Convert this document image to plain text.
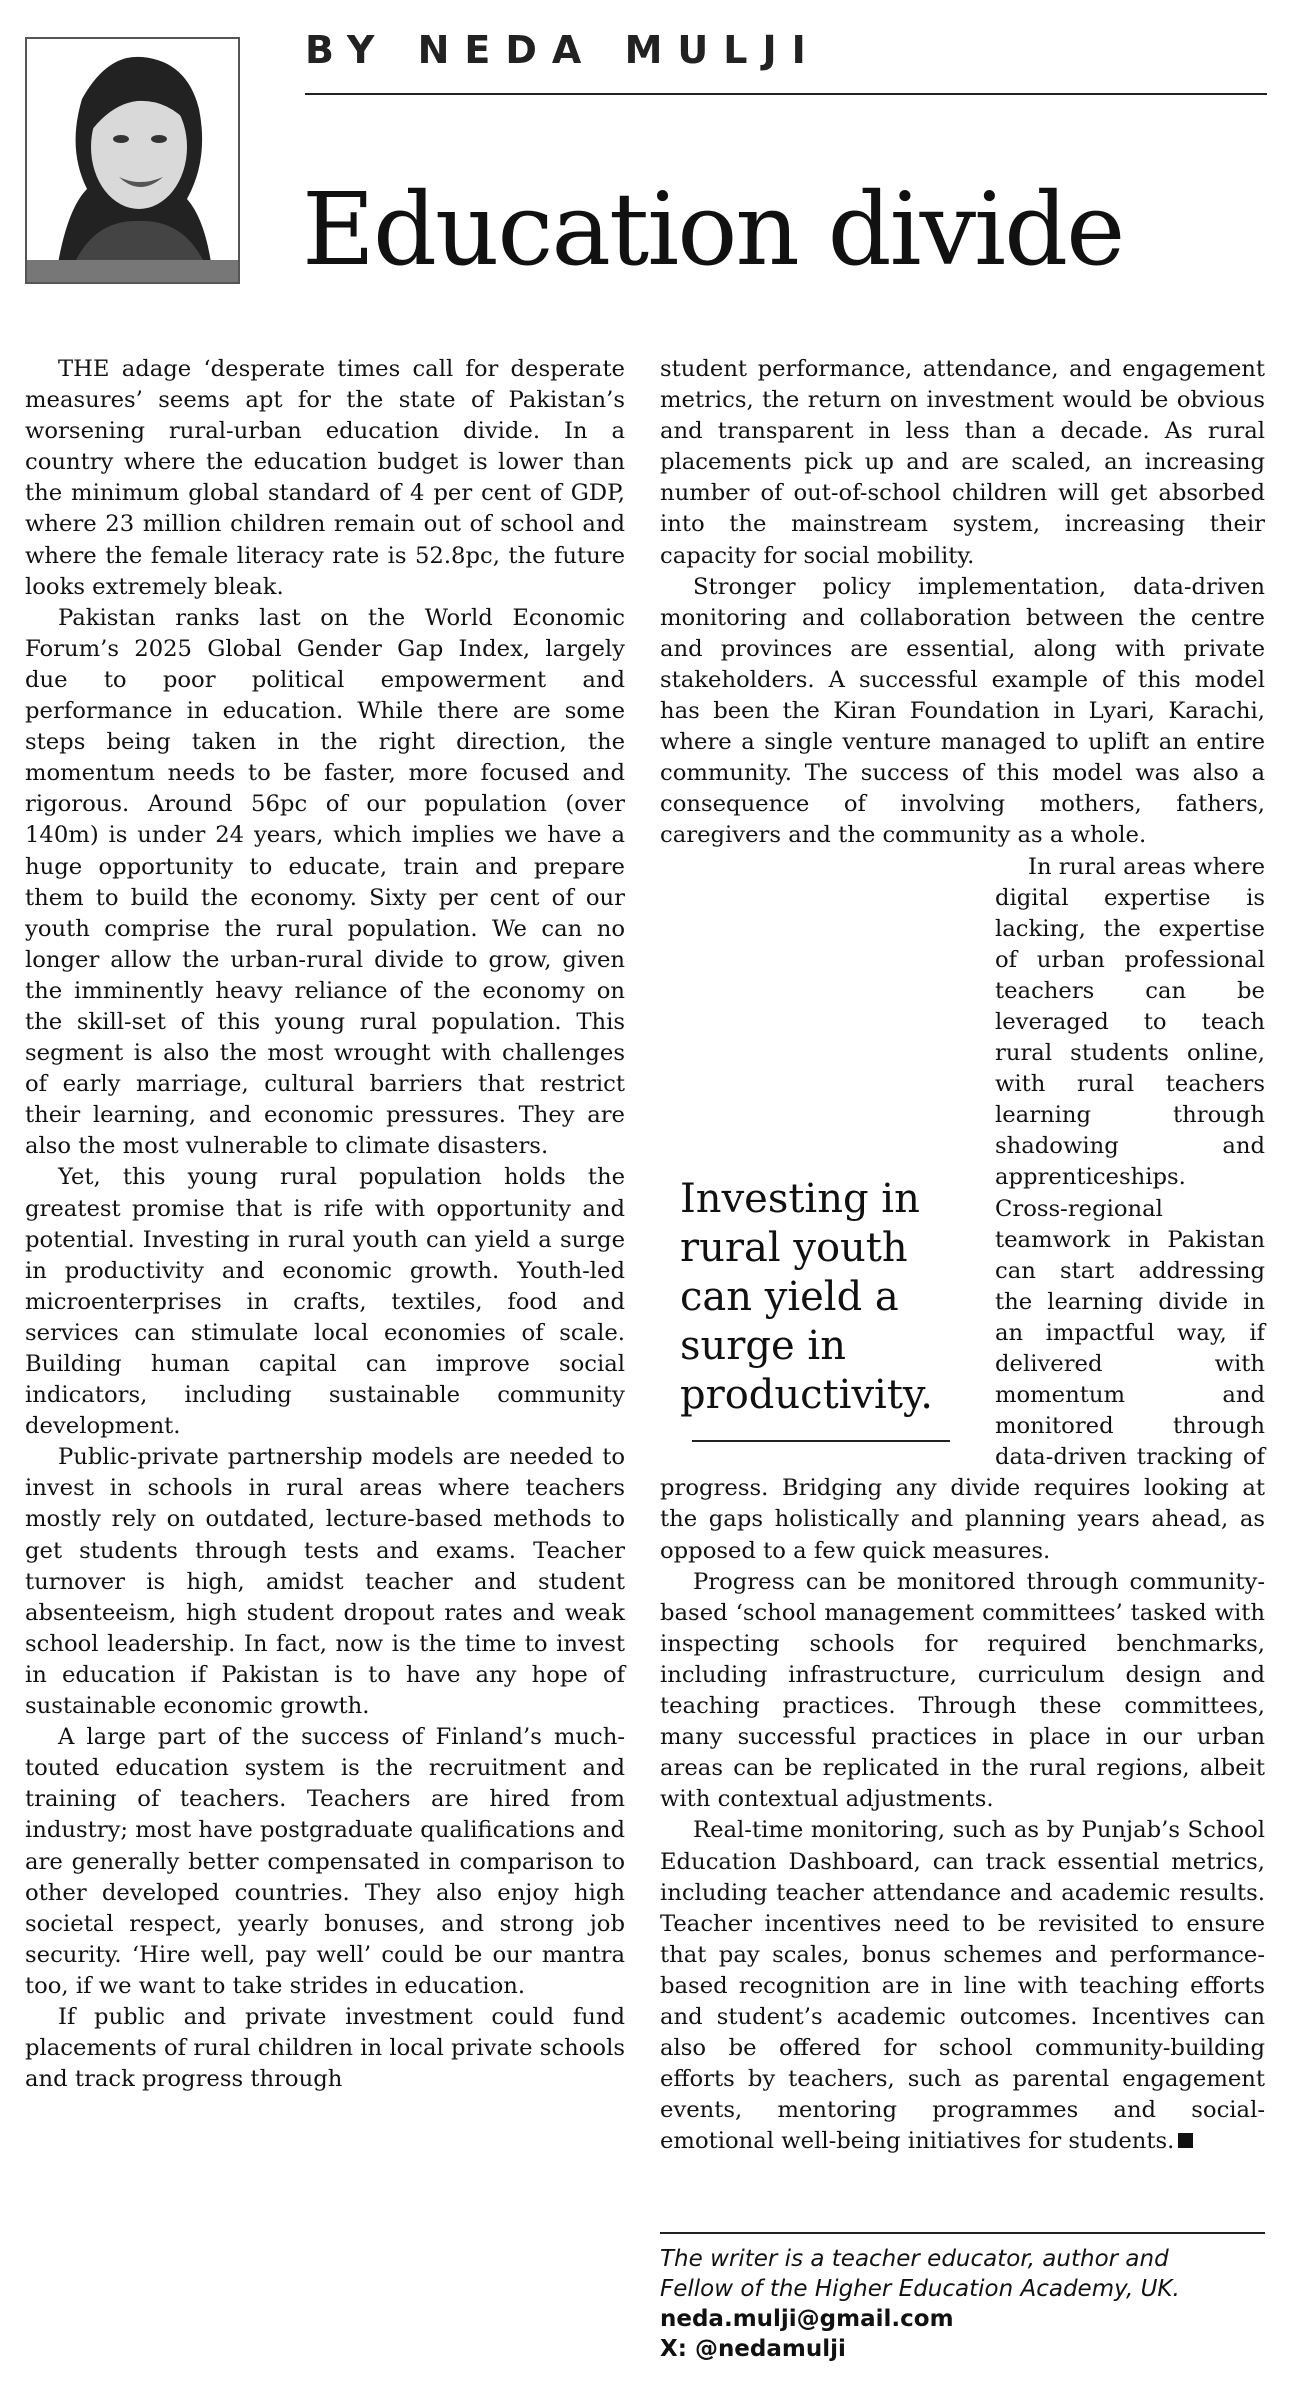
BY NEDA MULJI
Education divide

THE adage ‘desperate times call for desperate measures’ seems apt for the state of Pakistan’s worsening rural-urban education divide. In a country where the education budget is lower than the minimum global standard of 4 per cent of GDP, where 23 million children remain out of school and where the female literacy rate is 52.8pc, the future looks extremely bleak.

Pakistan ranks last on the World Economic Forum’s 2025 Global Gender Gap Index, largely due to poor political empowerment and performance in education. While there are some steps being taken in the right direction, the momentum needs to be faster, more focused and rigorous. Around 56pc of our population (over 140m) is under 24 years, which implies we have a huge opportunity to educate, train and prepare them to build the economy. Sixty per cent of our youth comprise the rural population. We can no longer allow the urban-rural divide to grow, given the imminently heavy reliance of the economy on the skill-set of this young rural population. This segment is also the most wrought with challenges of early marriage, cultural barriers that restrict their learning, and economic pressures. They are also the most vulnerable to climate disasters.

Yet, this young rural population holds the greatest promise that is rife with opportunity and potential. Investing in rural youth can yield a surge in productivity and economic growth. Youth-led microenterprises in crafts, textiles, food and services can stimulate local economies of scale. Building human capital can improve social indicators, including sustainable community development.

Public-private partnership models are needed to invest in schools in rural areas where teachers mostly rely on outdated, lecture-based methods to get students through tests and exams. Teacher turnover is high, amidst teacher and student absenteeism, high student dropout rates and weak school leadership. In fact, now is the time to invest in education if Pakistan is to have any hope of sustainable economic growth.

A large part of the success of Finland’s much-touted education system is the recruitment and training of teachers. Teachers are hired from industry; most have postgraduate qualifications and are generally better compensated in comparison to other developed countries. They also enjoy high societal respect, yearly bonuses, and strong job security. ‘Hire well, pay well’ could be our mantra too, if we want to take strides in education.

If public and private investment could fund placements of rural children in local private schools and track progress through

student performance, attendance, and engagement metrics, the return on investment would be obvious and transparent in less than a decade. As rural placements pick up and are scaled, an increasing number of out-of-school children will get absorbed into the mainstream system, increasing their capacity for social mobility.

Stronger policy implementation, data-driven monitoring and collaboration between the centre and provinces are essential, along with private stakeholders. A successful example of this model has been the Kiran Foundation in Lyari, Karachi, where a single venture managed to uplift an entire community. The success of this model was also a consequence of involving mothers, fathers, caregivers and the community as a whole.

In rural areas where digital expertise is lacking, the expertise of urban professional teachers can be leveraged to teach rural students online, with rural teachers learning through shadowing and apprenticeships. Cross-regional teamwork in Pakistan can start addressing the learning divide in an impactful way, if delivered with momentum and monitored through data-driven tracking of progress. Bridging any divide requires looking at the gaps holistically and planning years ahead, as opposed to a few quick measures.

Progress can be monitored through community-based ‘school management committees’ tasked with inspecting schools for required benchmarks, including infrastructure, curriculum design and teaching practices. Through these committees, many successful practices in place in our urban areas can be replicated in the rural regions, albeit with contextual adjustments.

Real-time monitoring, such as by Punjab’s School Education Dashboard, can track essential metrics, including teacher attendance and academic results. Teacher incentives need to be revisited to ensure that pay scales, bonus schemes and performance-based recognition are in line with teaching efforts and student’s academic outcomes. Incentives can also be offered for school community-building efforts by teachers, such as parental engagement events, mentoring programmes and social-emotional well-being initiatives for students.

Investing in rural youth can yield a surge in productivity.
The writer is a teacher educator, author and
Fellow of the Higher Education Academy, UK.
neda.mulji@gmail.com
X: @nedamulji
